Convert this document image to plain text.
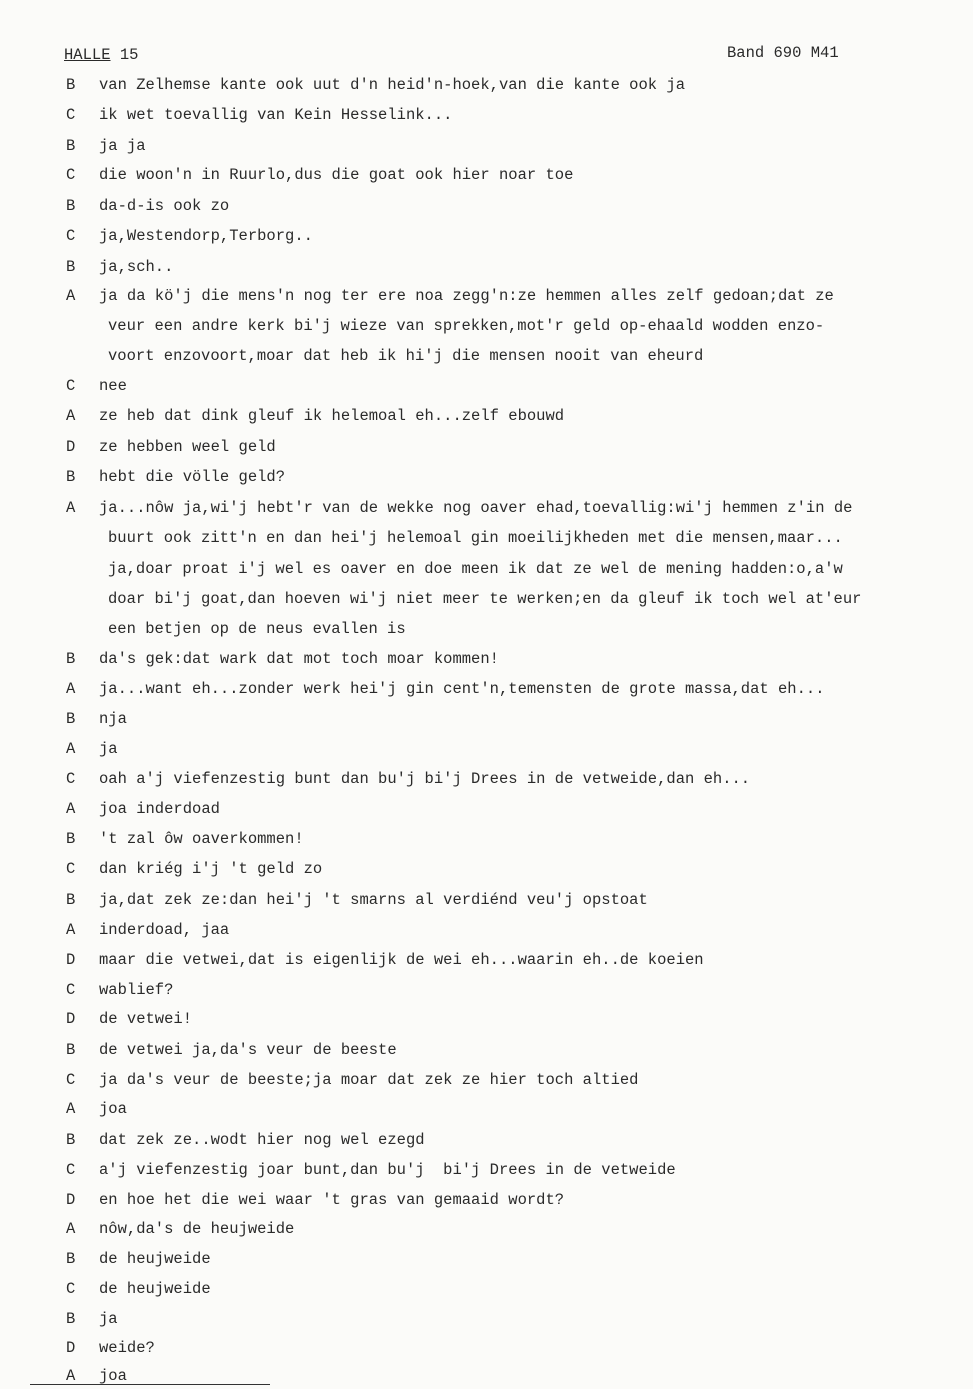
HALLE 15	Band 690 M41
B van Zelhemse kante ook uut d'n heid'n-hoek,van die kante ook ja
C ik wet toevallig van Kein Hesselink...
B ja ja
C die woon'n in Ruurlo,dus die goat ook hier noar toe
B da-d-is ook zo
C ja,Westendorp,Terborg..
B ja,sch..
A ja da kö'j die mens'n nog ter ere noa zegg'n:ze hemmen alles zelf gedoan;dat ze
veur een andre kerk bi'j wieze van sprekken,mot'r geld op-ehaald wodden enzo-
voort enzovoort,moar dat heb ik hi'j die mensen nooit van eheurd
C nee
A ze heb dat dink gleuf ik helemoal eh...zelf ebouwd
D ze hebben weel geld
B hebt die völle geld?
A ja...nôw ja,wi'j hebt'r van de wekke nog oaver ehad,toevallig:wi'j hemmen z'in de
buurt ook zitt'n en dan hei'j helemoal gin moeilijkheden met die mensen,maar...
ja,doar proat i'j wel es oaver en doe meen ik dat ze wel de mening hadden:o,a'w
doar bi'j goat,dan hoeven wi'j niet meer te werken;en da gleuf ik toch wel at'eur
een betjen op de neus evallen is
B da's gek:dat wark dat mot toch moar kommen!
A ja...want eh...zonder werk hei'j gin cent'n,temensten de grote massa,dat eh...
B nja
A ja
C oah a'j viefenzestig bunt dan bu'j bi'j Drees in de vetweide,dan eh...
A joa inderdoad
B 't zal ôw oaverkommen!
C dan kriég i'j 't geld zo
B ja,dat zek ze:dan hei'j 't smarns al verdiénd veu'j opstoat
A inderdoad, jaa
D maar die vetwei,dat is eigenlijk de wei eh...waarin eh..de koeien
C wablief?
D de vetwei!
B de vetwei ja,da's veur de beeste
C ja da's veur de beeste;ja moar dat zek ze hier toch altied
A joa
B dat zek ze..wodt hier nog wel ezegd
C a'j viefenzestig joar bunt,dan bu'j  bi'j Drees in de vetweide
D en hoe het die wei waar 't gras van gemaaid wordt?
A nôw,da's de heujweide
B de heujweide
C de heujweide
B ja
D weide?
A joa
